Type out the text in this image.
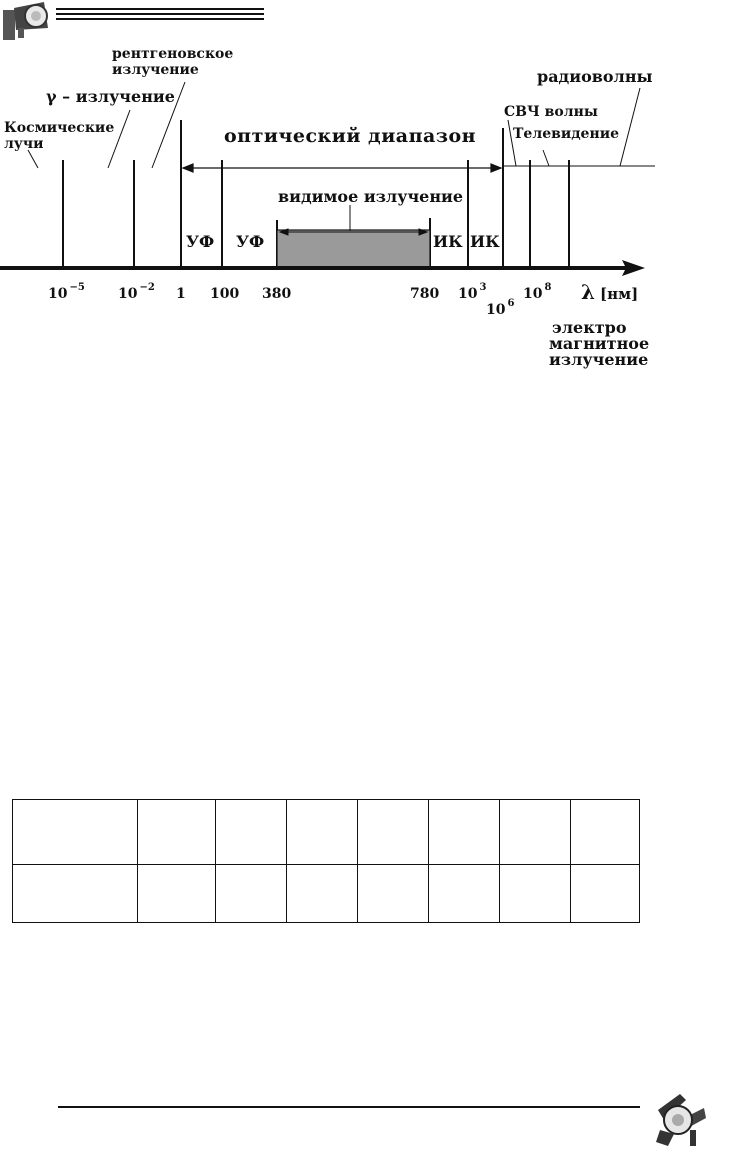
Космические
лучи
γ – излучение
рентгеновское
излучение
оптический диапазон
видимое излучение
УФ УФ	ИК ИК
СВЧ волны
Телевидение
радиоволны
10 $^{-5}$ 10 $^{-2}$ 1 100 380	780 10 $^3$
10 $^6$
10 $^8$ λ [нм]
электро
магнитное
излучение
